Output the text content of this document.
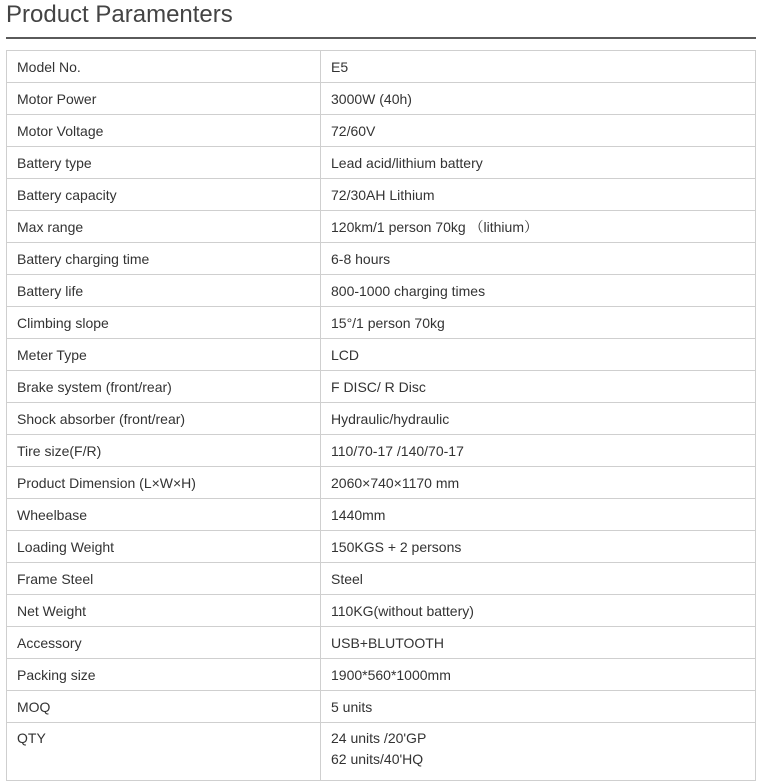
Product Paramenters
Model No.	E5
Motor Power	3000W (40h)
Motor Voltage	72/60V
Battery type	Lead acid/lithium battery
Battery capacity	72/30AH Lithium
Max range	120km/1 person 70kg （lithium）
Battery charging time	6-8 hours
Battery life	800-1000 charging times
Climbing slope	15°/1 person 70kg
Meter Type	LCD
Brake system (front/rear)	F DISC/ R Disc
Shock absorber (front/rear)	Hydraulic/hydraulic
Tire size(F/R)	110/70-17 /140/70-17
Product Dimension (L×W×H)	2060×740×1170 mm
Wheelbase	1440mm
Loading Weight	150KGS + 2 persons
Frame Steel	Steel
Net Weight	110KG(without battery)
Accessory	USB+BLUTOOTH
Packing size	1900*560*1000mm
MOQ	5 units
QTY	24 units /20'GP
62 units/40'HQ
